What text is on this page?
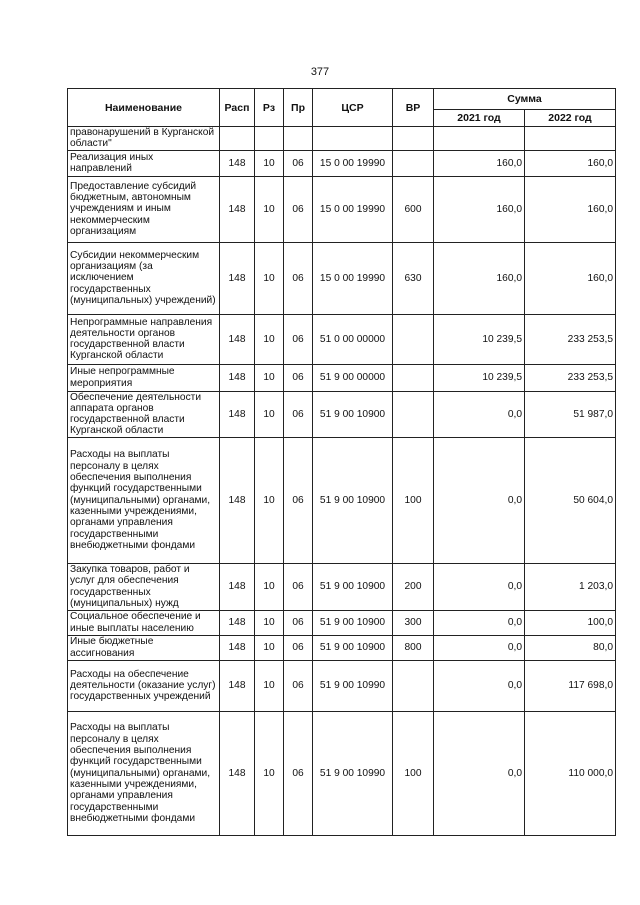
377
Наименование	Расп	Рз	Пр	ЦСР	ВР	Сумма	
						2021 год	2022 год
правонарушений в Курганской области"							
Реализация иных направлений	148	10	06	15 0 00 19990		160,0	160,0
Предоставление субсидий бюджетным, автономным учреждениям и иным некоммерческим организациям	148	10	06	15 0 00 19990	600	160,0	160,0
Субсидии некоммерческим организациям (за исключением государственных (муниципальных) учреждений)	148	10	06	15 0 00 19990	630	160,0	160,0
Непрограммные направления деятельности органов государственной власти Курганской области	148	10	06	51 0 00 00000		10 239,5	233 253,5
Иные непрограммные мероприятия	148	10	06	51 9 00 00000		10 239,5	233 253,5
Обеспечение деятельности аппарата органов государственной власти Курганской области	148	10	06	51 9 00 10900		0,0	51 987,0
Расходы на выплаты персоналу в целях обеспечения выполнения функций государственными (муниципальными) органами, казенными учреждениями, органами управления государственными внебюджетными фондами	148	10	06	51 9 00 10900	100	0,0	50 604,0
Закупка товаров, работ и услуг для обеспечения государственных (муниципальных) нужд	148	10	06	51 9 00 10900	200	0,0	1 203,0
Социальное обеспечение и иные выплаты населению	148	10	06	51 9 00 10900	300	0,0	100,0
Иные бюджетные ассигнования	148	10	06	51 9 00 10900	800	0,0	80,0
Расходы на обеспечение деятельности (оказание услуг) государственных учреждений	148	10	06	51 9 00 10990		0,0	117 698,0
Расходы на выплаты персоналу в целях обеспечения выполнения функций государственными (муниципальными) органами, казенными учреждениями, органами управления государственными внебюджетными фондами	148	10	06	51 9 00 10990	100	0,0	110 000,0
